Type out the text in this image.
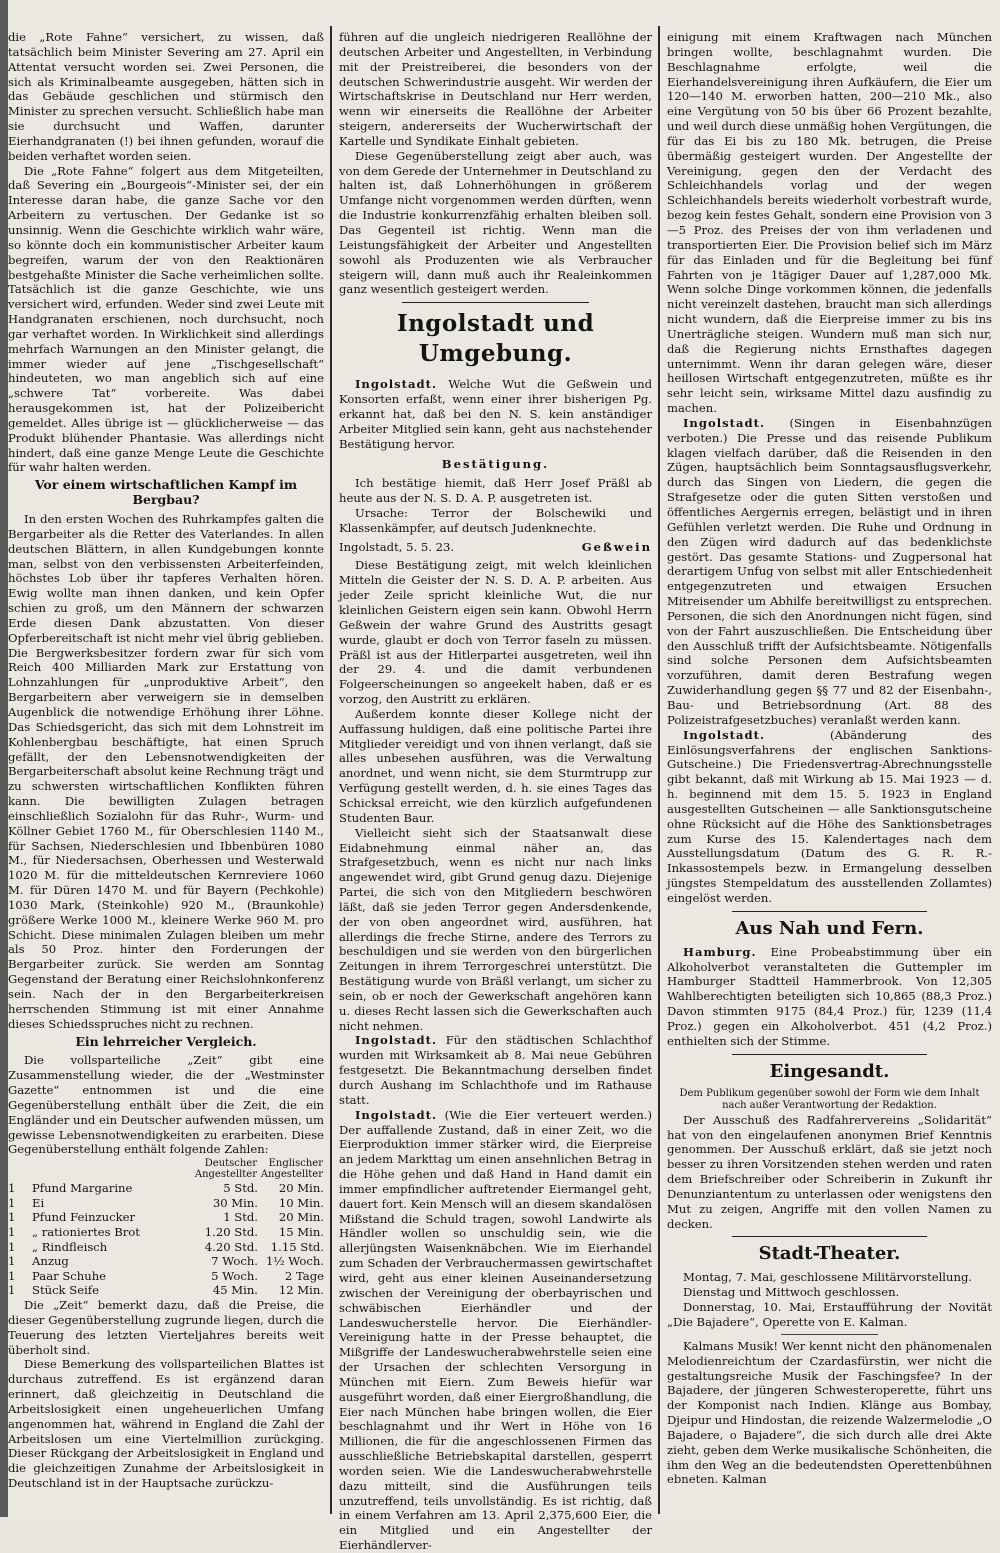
die „Rote Fahne“ versichert, zu wissen, daß tatsächlich beim Minister Severing am 27. April ein Attentat versucht worden sei. Zwei Personen, die sich als Kriminalbeamte ausgegeben, hätten sich in das Gebäude geschlichen und stürmisch den Minister zu sprechen versucht. Schließlich habe man sie durchsucht und Waffen, darunter Eierhandgranaten (!) bei ihnen gefunden, worauf die beiden verhaftet worden seien.

Die „Rote Fahne“ folgert aus dem Mitgeteilten, daß Severing ein „Bourgeois“-Minister sei, der ein Interesse daran habe, die ganze Sache vor den Arbeitern zu vertuschen. Der Gedanke ist so unsinnig. Wenn die Geschichte wirklich wahr wäre, so könnte doch ein kommunistischer Arbeiter kaum begreifen, warum der von den Reaktionären bestgehaßte Minister die Sache verheimlichen sollte. Tatsächlich ist die ganze Geschichte, wie uns versichert wird, erfunden. Weder sind zwei Leute mit Handgranaten erschienen, noch durchsucht, noch gar verhaftet worden. In Wirklichkeit sind allerdings mehrfach Warnungen an den Minister gelangt, die immer wieder auf jene „Tischgesellschaft“ hindeuteten, wo man angeblich sich auf eine „schwere Tat“ vorbereite. Was dabei herausgekommen ist, hat der Polizeibericht gemeldet. Alles übrige ist — glücklicherweise — das Produkt blühender Phantasie. Was allerdings nicht hindert, daß eine ganze Menge Leute die Geschichte für wahr halten werden.

Vor einem wirtschaftlichen Kampf im Bergbau?

In den ersten Wochen des Ruhrkampfes galten die Bergarbeiter als die Retter des Vaterlandes. In allen deutschen Blättern, in allen Kundgebungen konnte man, selbst von den verbissensten Arbeiterfeinden, höchstes Lob über ihr tapferes Verhalten hören. Ewig wollte man ihnen danken, und kein Opfer schien zu groß, um den Männern der schwarzen Erde diesen Dank abzustatten. Von dieser Opferbereitschaft ist nicht mehr viel übrig geblieben. Die Bergwerksbesitzer fordern zwar für sich vom Reich 400 Milliarden Mark zur Erstattung von Lohnzahlungen für „unproduktive Arbeit“, den Bergarbeitern aber verweigern sie in demselben Augenblick die notwendige Erhöhung ihrer Löhne. Das Schiedsgericht, das sich mit dem Lohnstreit im Kohlenbergbau beschäftigte, hat einen Spruch gefällt, der den Lebensnotwendigkeiten der Bergarbeiterschaft absolut keine Rechnung trägt und zu schwersten wirtschaftlichen Konflikten führen kann. Die bewilligten Zulagen betragen einschließlich Sozialohn für das Ruhr-, Wurm- und Köllner Gebiet 1760 M., für Oberschlesien 1140 M., für Sachsen, Niederschlesien und Ibbenbüren 1080 M., für Niedersachsen, Oberhessen und Westerwald 1020 M. für die mitteldeutschen Kernreviere 1060 M. für Düren 1470 M. und für Bayern (Pechkohle) 1030 Mark, (Steinkohle) 920 M., (Braunkohle) größere Werke 1000 M., kleinere Werke 960 M. pro Schicht. Diese minimalen Zulagen bleiben um mehr als 50 Proz. hinter den Forderungen der Bergarbeiter zurück. Sie werden am Sonntag Gegenstand der Beratung einer Reichslohnkonferenz sein. Nach der in den Bergarbeiterkreisen herrschenden Stimmung ist mit einer Annahme dieses Schiedsspruches nicht zu rechnen.

Ein lehrreicher Vergleich.

Die vollsparteiliche „Zeit“ gibt eine Zusammenstellung wieder, die der „Westminster Gazette“ entnommen ist und die eine Gegenüberstellung enthält über die Zeit, die ein Engländer und ein Deutscher aufwenden müssen, um gewisse Lebensnotwendigkeiten zu erarbeiten. Diese Gegenüberstellung enthält folgende Zahlen:

		Deutscher Angestellter	Englischer Angestellter
1	Pfund Margarine	5 Std.	20 Min.
1	Ei	30 Min.	10 Min.
1	Pfund Feinzucker	1 Std.	20 Min.
1	„ rationiertes Brot	1.20 Std.	15 Min.
1	„ Rindfleisch	4.20 Std.	1.15 Std.
1	Anzug	7 Woch.	1½ Woch.
1	Paar Schuhe	5 Woch.	2 Tage
1	Stück Seife	45 Min.	12 Min.

Die „Zeit“ bemerkt dazu, daß die Preise, die dieser Gegenüberstellung zugrunde liegen, durch die Teuerung des letzten Vierteljahres bereits weit überholt sind.

Diese Bemerkung des vollsparteilichen Blattes ist durchaus zutreffend. Es ist ergänzend daran erinnert, daß gleichzeitig in Deutschland die Arbeitslosigkeit einen ungeheuerlichen Umfang angenommen hat, während in England die Zahl der Arbeitslosen um eine Viertelmillion zurückging. Dieser Rückgang der Arbeitslosigkeit in England und die gleichzeitigen Zunahme der Arbeitslosigkeit in Deutschland ist in der Hauptsache zurückzu-

führen auf die ungleich niedrigeren Reallöhne der deutschen Arbeiter und Angestellten, in Verbindung mit der Preistreiberei, die besonders von der deutschen Schwerindustrie ausgeht. Wir werden der Wirtschaftskrise in Deutschland nur Herr werden, wenn wir einerseits die Reallöhne der Arbeiter steigern, andererseits der Wucherwirtschaft der Kartelle und Syndikate Einhalt gebieten.

Diese Gegenüberstellung zeigt aber auch, was von dem Gerede der Unternehmer in Deutschland zu halten ist, daß Lohnerhöhungen in größerem Umfange nicht vorgenommen werden dürften, wenn die Industrie konkurrenzfähig erhalten bleiben soll. Das Gegenteil ist richtig. Wenn man die Leistungsfähigkeit der Arbeiter und Angestellten sowohl als Produzenten wie als Verbraucher steigern will, dann muß auch ihr Realeinkommen ganz wesentlich gesteigert werden.

Ingolstadt und Umgebung.

Ingolstadt. Welche Wut die Geßwein und Konsorten erfaßt, wenn einer ihrer bisherigen Pg. erkannt hat, daß bei den N. S. kein anständiger Arbeiter Mitglied sein kann, geht aus nachstehender Bestätigung hervor.

Bestätigung.

Ich bestätige hiemit, daß Herr Josef Präßl ab heute aus der N. S. D. A. P. ausgetreten ist.

Ursache: Terror der Bolschewiki und Klassenkämpfer, auf deutsch Judenknechte.

Ingolstadt, 5. 5. 23.	Geßwein

Diese Bestätigung zeigt, mit welch kleinlichen Mitteln die Geister der N. S. D. A. P. arbeiten. Aus jeder Zeile spricht kleinliche Wut, die nur kleinlichen Geistern eigen sein kann. Obwohl Herrn Geßwein der wahre Grund des Austritts gesagt wurde, glaubt er doch von Terror faseln zu müssen. Präßl ist aus der Hitlerpartei ausgetreten, weil ihn der 29. 4. und die damit verbundenen Folgeerscheinungen so angeekelt haben, daß er es vorzog, den Austritt zu erklären.

Außerdem konnte dieser Kollege nicht der Auffassung huldigen, daß eine politische Partei ihre Mitglieder vereidigt und von ihnen verlangt, daß sie alles unbesehen ausführen, was die Verwaltung anordnet, und wenn nicht, sie dem Sturmtrupp zur Verfügung gestellt werden, d. h. sie eines Tages das Schicksal erreicht, wie den kürzlich aufgefundenen Studenten Baur.

Vielleicht sieht sich der Staatsanwalt diese Eidabnehmung einmal näher an, das Strafgesetzbuch, wenn es nicht nur nach links angewendet wird, gibt Grund genug dazu. Diejenige Partei, die sich von den Mitgliedern beschwören läßt, daß sie jeden Terror gegen Andersdenkende, der von oben angeordnet wird, ausführen, hat allerdings die freche Stirne, andere des Terrors zu beschuldigen und sie werden von den bürgerlichen Zeitungen in ihrem Terrorgeschrei unterstützt. Die Bestätigung wurde von Bräßl verlangt, um sicher zu sein, ob er noch der Gewerkschaft angehören kann u. dieses Recht lassen sich die Gewerkschaften auch nicht nehmen.

Ingolstadt. Für den städtischen Schlachthof wurden mit Wirksamkeit ab 8. Mai neue Gebühren festgesetzt. Die Bekanntmachung derselben findet durch Aushang im Schlachthofe und im Rathause statt.

Ingolstadt. (Wie die Eier verteuert werden.) Der auffallende Zustand, daß in einer Zeit, wo die Eierproduktion immer stärker wird, die Eierpreise an jedem Markttag um einen ansehnlichen Betrag in die Höhe gehen und daß Hand in Hand damit ein immer empfindlicher auftretender Eiermangel geht, dauert fort. Kein Mensch will an diesem skandalösen Mißstand die Schuld tragen, sowohl Landwirte als Händler wollen so unschuldig sein, wie die allerjüngsten Waisenknäbchen. Wie im Eierhandel zum Schaden der Verbrauchermassen gewirtschaftet wird, geht aus einer kleinen Auseinandersetzung zwischen der Vereinigung der oberbayrischen und schwäbischen Eierhändler und der Landeswucherstelle hervor. Die Eierhändler-Vereinigung hatte in der Presse behauptet, die Mißgriffe der Landeswucherabwehrstelle seien eine der Ursachen der schlechten Versorgung in München mit Eiern. Zum Beweis hiefür war ausgeführt worden, daß einer Eiergroßhandlung, die Eier nach München habe bringen wollen, die Eier beschlagnahmt und ihr Wert in Höhe von 16 Millionen, die für die angeschlossenen Firmen das ausschließliche Betriebskapital darstellen, gesperrt worden seien. Wie die Landeswucherabwehrstelle dazu mitteilt, sind die Ausführungen teils unzutreffend, teils unvollständig. Es ist richtig, daß in einem Verfahren am 13. April 2,375,600 Eier, die ein Mitglied und ein Angestellter der Eierhändlerver-

einigung mit einem Kraftwagen nach München bringen wollte, beschlagnahmt wurden. Die Beschlagnahme erfolgte, weil die Eierhandelsvereinigung ihren Aufkäufern, die Eier um 120—140 M. erworben hatten, 200—210 Mk., also eine Vergütung von 50 bis über 66 Prozent bezahlte, und weil durch diese unmäßig hohen Vergütungen, die für das Ei bis zu 180 Mk. betrugen, die Preise übermäßig gesteigert wurden. Der Angestellte der Vereinigung, gegen den der Verdacht des Schleichhandels vorlag und der wegen Schleichhandels bereits wiederholt vorbestraft wurde, bezog kein festes Gehalt, sondern eine Provision von 3—5 Proz. des Preises der von ihm verladenen und transportierten Eier. Die Provision belief sich im März für das Einladen und für die Begleitung bei fünf Fahrten von je 1tägiger Dauer auf 1,287,000 Mk. Wenn solche Dinge vorkommen können, die jedenfalls nicht vereinzelt dastehen, braucht man sich allerdings nicht wundern, daß die Eierpreise immer zu bis ins Unerträgliche steigen. Wundern muß man sich nur, daß die Regierung nichts Ernsthaftes dagegen unternimmt. Wenn ihr daran gelegen wäre, dieser heillosen Wirtschaft entgegenzutreten, müßte es ihr sehr leicht sein, wirksame Mittel dazu ausfindig zu machen.

Ingolstadt. (Singen in Eisenbahnzügen verboten.) Die Presse und das reisende Publikum klagen vielfach darüber, daß die Reisenden in den Zügen, hauptsächlich beim Sonntagsausflugsverkehr, durch das Singen von Liedern, die gegen die Strafgesetze oder die guten Sitten verstoßen und öffentliches Aergernis erregen, belästigt und in ihren Gefühlen verletzt werden. Die Ruhe und Ordnung in den Zügen wird dadurch auf das bedenklichste gestört. Das gesamte Stations- und Zugpersonal hat derartigem Unfug von selbst mit aller Entschiedenheit entgegenzutreten und etwaigen Ersuchen Mitreisender um Abhilfe bereitwilligst zu entsprechen. Personen, die sich den Anordnungen nicht fügen, sind von der Fahrt auszuschließen. Die Entscheidung über den Ausschluß trifft der Aufsichtsbeamte. Nötigenfalls sind solche Personen dem Aufsichtsbeamten vorzuführen, damit deren Bestrafung wegen Zuwiderhandlung gegen §§ 77 und 82 der Eisenbahn-, Bau- und Betriebsordnung (Art. 88 des Polizeistrafgesetzbuches) veranlaßt werden kann.

Ingolstadt.	(Abänderung des Einlösungsverfahrens der englischen Sanktions-Gutscheine.) Die Friedensvertrag-Abrechnungsstelle gibt bekannt, daß mit Wirkung ab 15. Mai 1923 — d. h. beginnend mit dem 15. 5. 1923 in England ausgestellten Gutscheinen — alle Sanktionsgutscheine ohne Rücksicht auf die Höhe des Sanktionsbetrages zum Kurse des 15. Kalendertages nach dem Ausstellungsdatum (Datum des G. R. R.-Inkassostempels bezw. in Ermangelung desselben jüngstes Stempeldatum des ausstellenden Zollamtes) eingelöst werden.

Aus Nah und Fern.

Hamburg. Eine Probeabstimmung über ein Alkoholverbot veranstalteten die Guttempler im Hamburger Stadtteil Hammerbrook. Von 12,305 Wahlberechtigten beteiligten sich 10,865 (88,3 Proz.) Davon stimmten 9175 (84,4 Proz.) für, 1239 (11,4 Proz.) gegen ein Alkoholverbot. 451 (4,2 Proz.) enthielten sich der Stimme.

Eingesandt.

Dem Publikum gegenüber sowohl der Form wie dem Inhalt nach außer Verantwortung der Redaktion.

Der Ausschuß des Radfahrervereins „Solidarität“ hat von den eingelaufenen anonymen Brief Kenntnis genommen. Der Ausschuß erklärt, daß sie jetzt noch besser zu ihren Vorsitzenden stehen werden und raten dem Briefschreiber oder Schreiberin in Zukunft ihr Denunziantentum zu unterlassen oder wenigstens den Mut zu zeigen, Angriffe mit den vollen Namen zu decken.

Stadt-Theater.

Montag, 7. Mai, geschlossene Militärvorstellung.

Dienstag und Mittwoch geschlossen.

Donnerstag, 10. Mai, Erstaufführung der Novität „Die Bajadere“, Operette von E. Kalman.

Kalmans Musik! Wer kennt nicht den phänomenalen Melodienreichtum der Czardasfürstin, wer nicht die gestaltungsreiche Musik der Faschingsfee? In der Bajadere, der jüngeren Schwesteroperette, führt uns der Komponist nach Indien. Klänge aus Bombay, Djeipur und Hindostan, die reizende Walzermelodie „O Bajadere, o Bajadere“, die sich durch alle drei Akte zieht, geben dem Werke musikalische Schönheiten, die ihm den Weg an die bedeutendsten Operettenbühnen ebneten. Kalman
